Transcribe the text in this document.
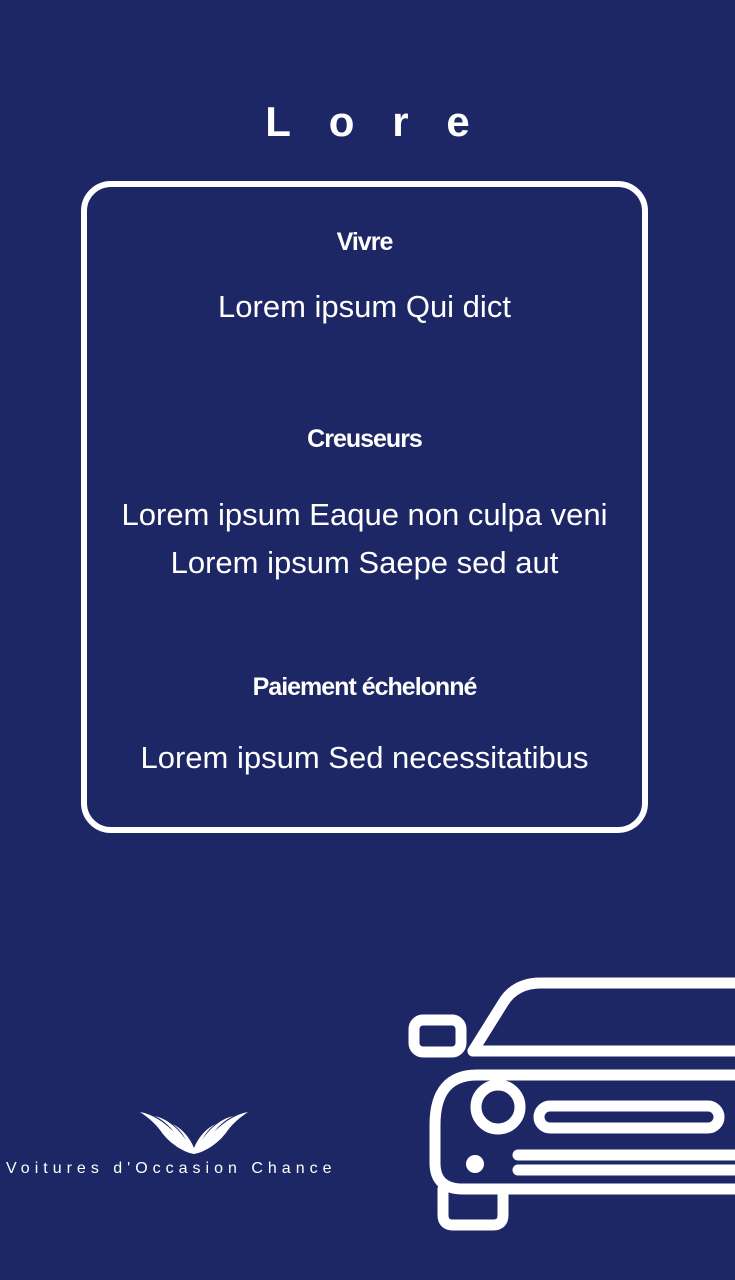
Lore
Vivre
Lorem ipsum Qui dict
Creuseurs
Lorem ipsum Eaque non culpa veni
Lorem ipsum Saepe sed aut
Paiement échelonné
Lorem ipsum Sed necessitatibus
Voitures d'Occasion Chance
